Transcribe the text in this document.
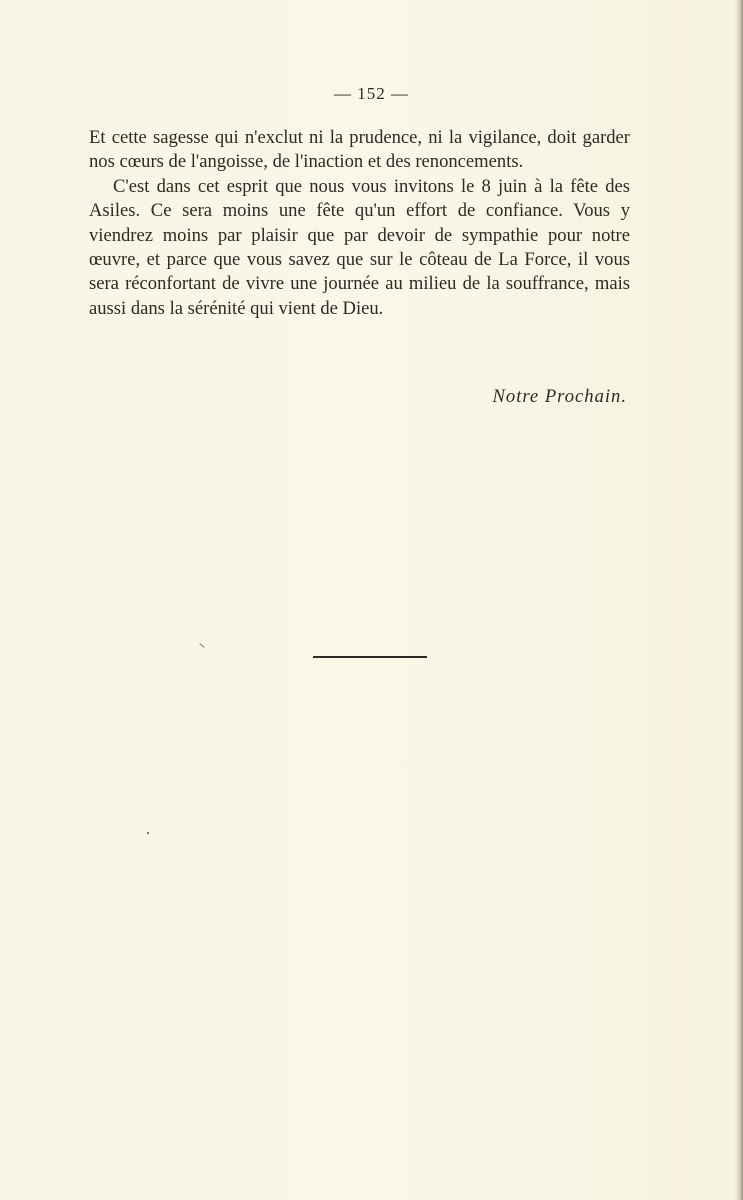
— 152 —

Et cette sagesse qui n'exclut ni la prudence, ni la vigilance, doit garder nos cœurs de l'angoisse, de l'inaction et des renoncements.

C'est dans cet esprit que nous vous invitons le 8 juin à la fête des Asiles. Ce sera moins une fête qu'un effort de confiance. Vous y viendrez moins par plaisir que par devoir de sympathie pour notre œuvre, et parce que vous savez que sur le côteau de La Force, il vous sera réconfortant de vivre une journée au milieu de la souffrance, mais aussi dans la sérénité qui vient de Dieu.

Notre Prochain.
